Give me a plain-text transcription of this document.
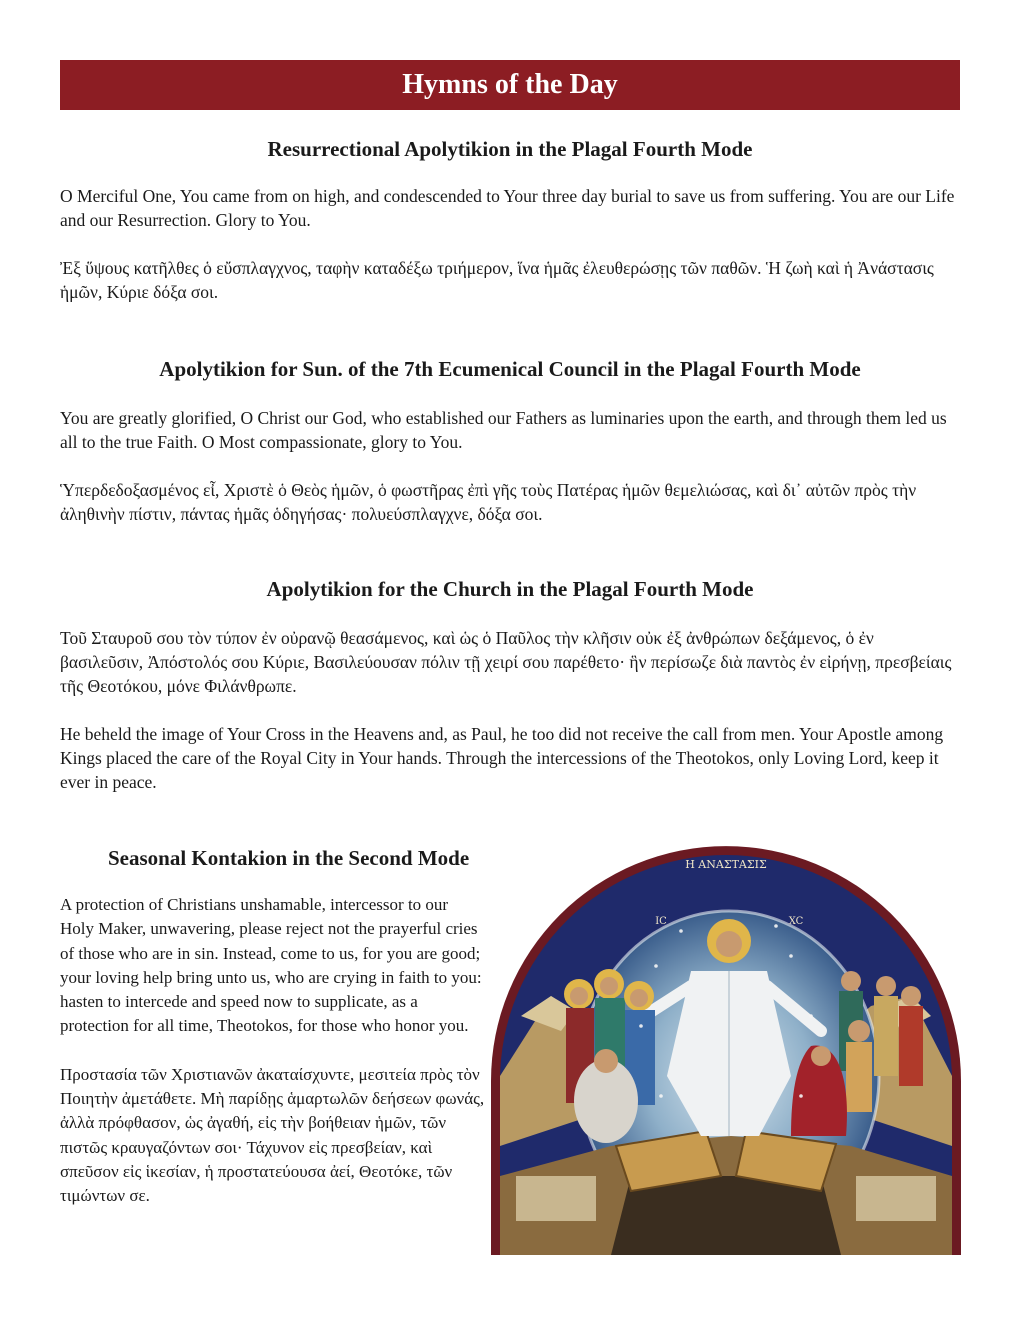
Hymns of the Day
Resurrectional Apolytikion in the Plagal Fourth Mode

O Merciful One, You came from on high, and condescended to Your three day burial to save us from suffering. You are our Life and our Resurrection. Glory to You.

Ἐξ ὕψους κατῆλθες ὁ εὔσπλαγχνος, ταφὴν καταδέξω τριήμερον, ἵνα ἡμᾶς ἐλευθερώσῃς τῶν παθῶν. Ἡ ζωὴ καὶ ἡ Ἀνάστασις ἡμῶν, Κύριε δόξα σοι.

Apolytikion for Sun. of the 7th Ecumenical Council in the Plagal Fourth Mode

You are greatly glorified, O Christ our God, who established our Fathers as luminaries upon the earth, and through them led us all to the true Faith. O Most compassionate, glory to You.

Ὑπερδεδοξασμένος εἶ, Χριστὲ ὁ Θεὸς ἡμῶν, ὁ φωστῆρας ἐπὶ γῆς τοὺς Πατέρας ἡμῶν θεμελιώσας, καὶ δι᾽ αὐτῶν πρὸς τὴν ἀληθινὴν πίστιν, πάντας ἡμᾶς ὁδηγήσας· πολυεύσπλαγχνε, δόξα σοι.

Apolytikion for the Church in the Plagal Fourth Mode

Τοῦ Σταυροῦ σου τὸν τύπον ἐν οὐρανῷ θεασάμενος, καὶ ὡς ὁ Παῦλος τὴν κλῆσιν οὐκ ἐξ ἀνθρώπων δεξάμενος, ὁ ἐν βασιλεῦσιν, Ἀπόστολός σου Κύριε, Βασιλεύουσαν πόλιν τῇ χειρί σου παρέθετο· ἣν περίσωζε διὰ παντὸς ἐν εἰρήνῃ, πρεσβείαις τῆς Θεοτόκου, μόνε Φιλάνθρωπε.

He beheld the image of Your Cross in the Heavens and, as Paul, he too did not receive the call from men. Your Apostle among Kings placed the care of the Royal City in Your hands. Through the intercessions of the Theotokos, only Loving Lord, keep it ever in peace.

Seasonal Kontakion in the Second Mode

A protection of Christians unshamable, intercessor to our Holy Maker, unwavering, please reject not the prayerful cries of those who are in sin. Instead, come to us, for you are good; your loving help bring unto us, who are crying in faith to you: hasten to intercede and speed now to supplicate, as a protection for all time, Theotokos, for those who honor you.

Προστασία τῶν Χριστιανῶν ἀκαταίσχυντε, μεσιτεία πρὸς τὸν Ποιητὴν ἀμετάθετε. Μὴ παρίδῃς ἁμαρτωλῶν δεήσεων φωνάς, ἀλλὰ πρόφθασον, ὡς ἀγαθή, εἰς τὴν βοήθειαν ἡμῶν, τῶν πιστῶς κραυγαζόντων σοι· Τάχυνον εἰς πρεσβείαν, καὶ σπεῦσον εἰς ἱκεσίαν, ἡ προστατεύουσα ἀεί, Θεοτόκε, τῶν τιμώντων σε.

Η ΑΝΑΣΤΑΣΙΣ
IC	XC
